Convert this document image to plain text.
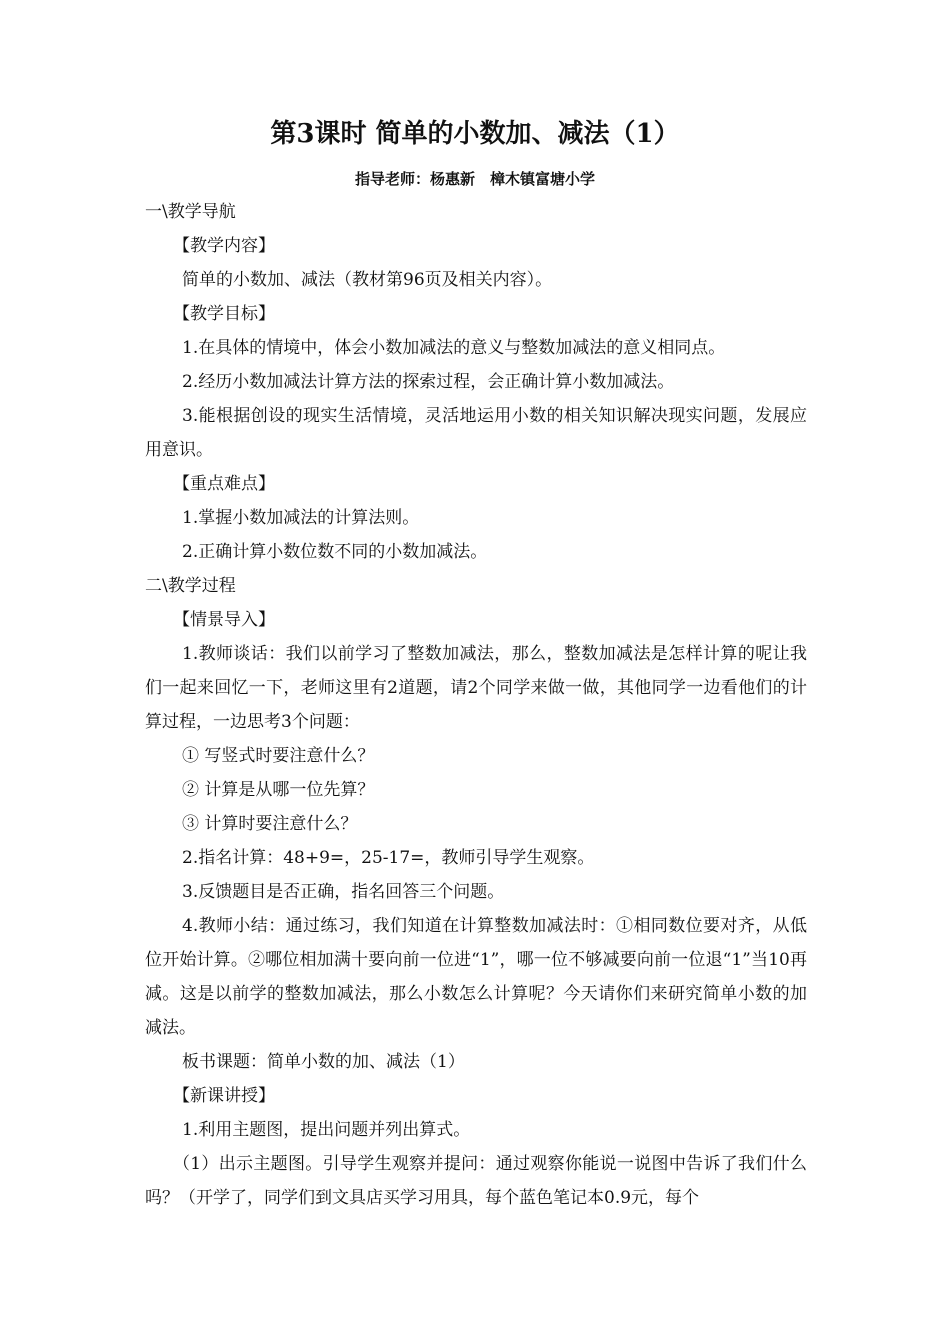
第3课时 简单的小数加、减法（1）
指导老师：杨惠新　樟木镇富塘小学

一\教学导航

【教学内容】

简单的小数加、减法（教材第96页及相关内容）。

【教学目标】

1.在具体的情境中，体会小数加减法的意义与整数加减法的意义相同点。

2.经历小数加减法计算方法的探索过程，会正确计算小数加减法。

3.能根据创设的现实生活情境，灵活地运用小数的相关知识解决现实问题，发展应用意识。

【重点难点】

1.掌握小数加减法的计算法则。

2.正确计算小数位数不同的小数加减法。

二\教学过程

【情景导入】

1.教师谈话：我们以前学习了整数加减法，那么，整数加减法是怎样计算的呢让我们一起来回忆一下，老师这里有2道题，请2个同学来做一做，其他同学一边看他们的计算过程，一边思考3个问题：

① 写竖式时要注意什么？

② 计算是从哪一位先算？

③ 计算时要注意什么？

2.指名计算：48+9=，25-17=，教师引导学生观察。

3.反馈题目是否正确，指名回答三个问题。

4.教师小结：通过练习，我们知道在计算整数加减法时：①相同数位要对齐，从低位开始计算。②哪位相加满十要向前一位进“1”，哪一位不够减要向前一位退“1”当10再减。这是以前学的整数加减法，那么小数怎么计算呢？今天请你们来研究简单小数的加减法。

板书课题：简单小数的加、减法（1）

【新课讲授】

1.利用主题图，提出问题并列出算式。

（1）出示主题图。引导学生观察并提问：通过观察你能说一说图中告诉了我们什么吗？（开学了，同学们到文具店买学习用具，每个蓝色笔记本0.9元，每个
